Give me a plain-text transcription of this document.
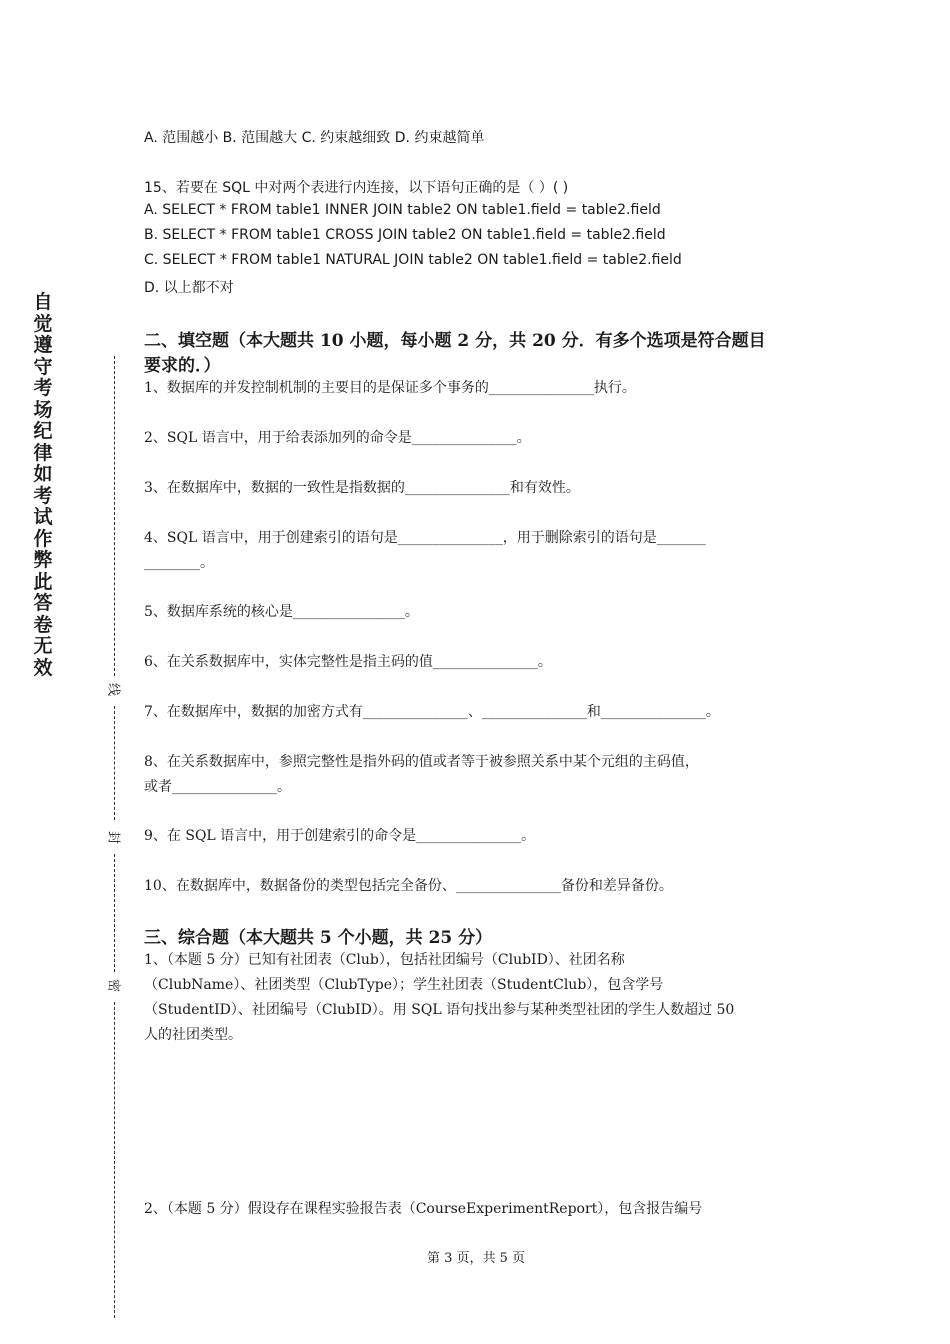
自
觉
遵
守
考
场
纪
律
如
考
试
作
弊
此
答
卷
无
效
线
封
密
A. 范围越小 B. 范围越大 C. 约束越细致 D. 约束越简单
15、若要在 SQL 中对两个表进行内连接，以下语句正确的是（ ）( )
A. SELECT * FROM table1 INNER JOIN table2 ON table1.field = table2.field
B. SELECT * FROM table1 CROSS JOIN table2 ON table1.field = table2.field
C. SELECT * FROM table1 NATURAL JOIN table2 ON table1.field = table2.field
D. 以上都不对
二、填空题（本大题共 10 小题，每小题 2 分，共 20 分．有多个选项是符合题目
要求的．）
1、数据库的并发控制机制的主要目的是保证多个事务的_______________执行。
2、SQL 语言中，用于给表添加列的命令是_______________。
3、在数据库中，数据的一致性是指数据的_______________和有效性。
4、SQL 语言中，用于创建索引的语句是_______________，用于删除索引的语句是_______
________。
5、数据库系统的核心是________________。
6、在关系数据库中，实体完整性是指主码的值_______________。
7、在数据库中，数据的加密方式有_______________、_______________和_______________。
8、在关系数据库中，参照完整性是指外码的值或者等于被参照关系中某个元组的主码值，
或者_______________。
9、在 SQL 语言中，用于创建索引的命令是_______________。
10、在数据库中，数据备份的类型包括完全备份、_______________备份和差异备份。
三、综合题（本大题共 5 个小题，共 25 分）
1、（本题 5 分）已知有社团表（Club），包括社团编号（ClubID）、社团名称
（ClubName）、社团类型（ClubType）；学生社团表（StudentClub），包含学号
（StudentID）、社团编号（ClubID）。用 SQL 语句找出参与某种类型社团的学生人数超过 50
人的社团类型。
2、（本题 5 分）假设存在课程实验报告表（CourseExperimentReport），包含报告编号
第 3 页，共 5 页
